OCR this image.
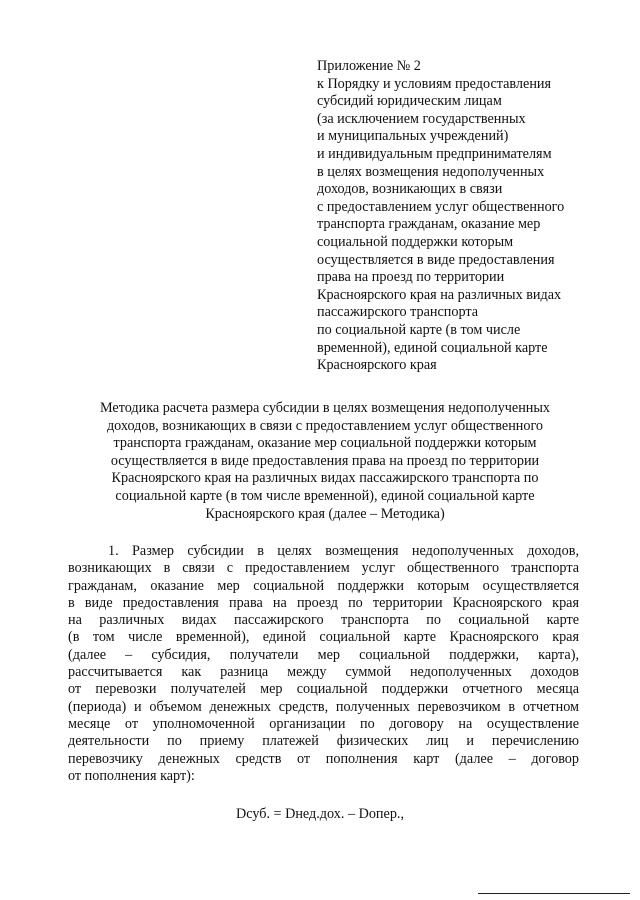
Приложение № 2
к Порядку и условиям предоставления
субсидий юридическим лицам
(за исключением государственных
и муниципальных учреждений)
и индивидуальным предпринимателям
в целях возмещения недополученных
доходов, возникающих в связи
с предоставлением услуг общественного
транспорта гражданам, оказание мер
социальной поддержки которым
осуществляется в виде предоставления
права на проезд по территории
Красноярского края на различных видах
пассажирского транспорта
по социальной карте (в том числе
временной), единой социальной карте
Красноярского края
Методика расчета размера субсидии в целях возмещения недополученных
доходов, возникающих в связи с предоставлением услуг общественного
транспорта гражданам, оказание мер социальной поддержки которым
осуществляется в виде предоставления права на проезд по территории
Красноярского края на различных видах пассажирского транспорта по
социальной карте (в том числе временной), единой социальной карте
Красноярского края (далее – Методика)
1. Размер субсидии в целях возмещения недополученных доходов,
возникающих в связи с предоставлением услуг общественного транспорта
гражданам, оказание мер социальной поддержки которым осуществляется
в виде предоставления права на проезд по территории Красноярского края
на различных видах пассажирского транспорта по социальной карте
(в том числе временной), единой социальной карте Красноярского края
(далее – субсидия, получатели мер социальной поддержки, карта),
рассчитывается как разница между суммой недополученных доходов
от перевозки получателей мер социальной поддержки отчетного месяца
(периода) и объемом денежных средств, полученных перевозчиком в отчетном
месяце от уполномоченной организации по договору на осуществление
деятельности по приему платежей физических лиц и перечислению
перевозчику денежных средств от пополнения карт (далее – договор
от пополнения карт):
Dсуб. = Dнед.дох. – Dопер.,
